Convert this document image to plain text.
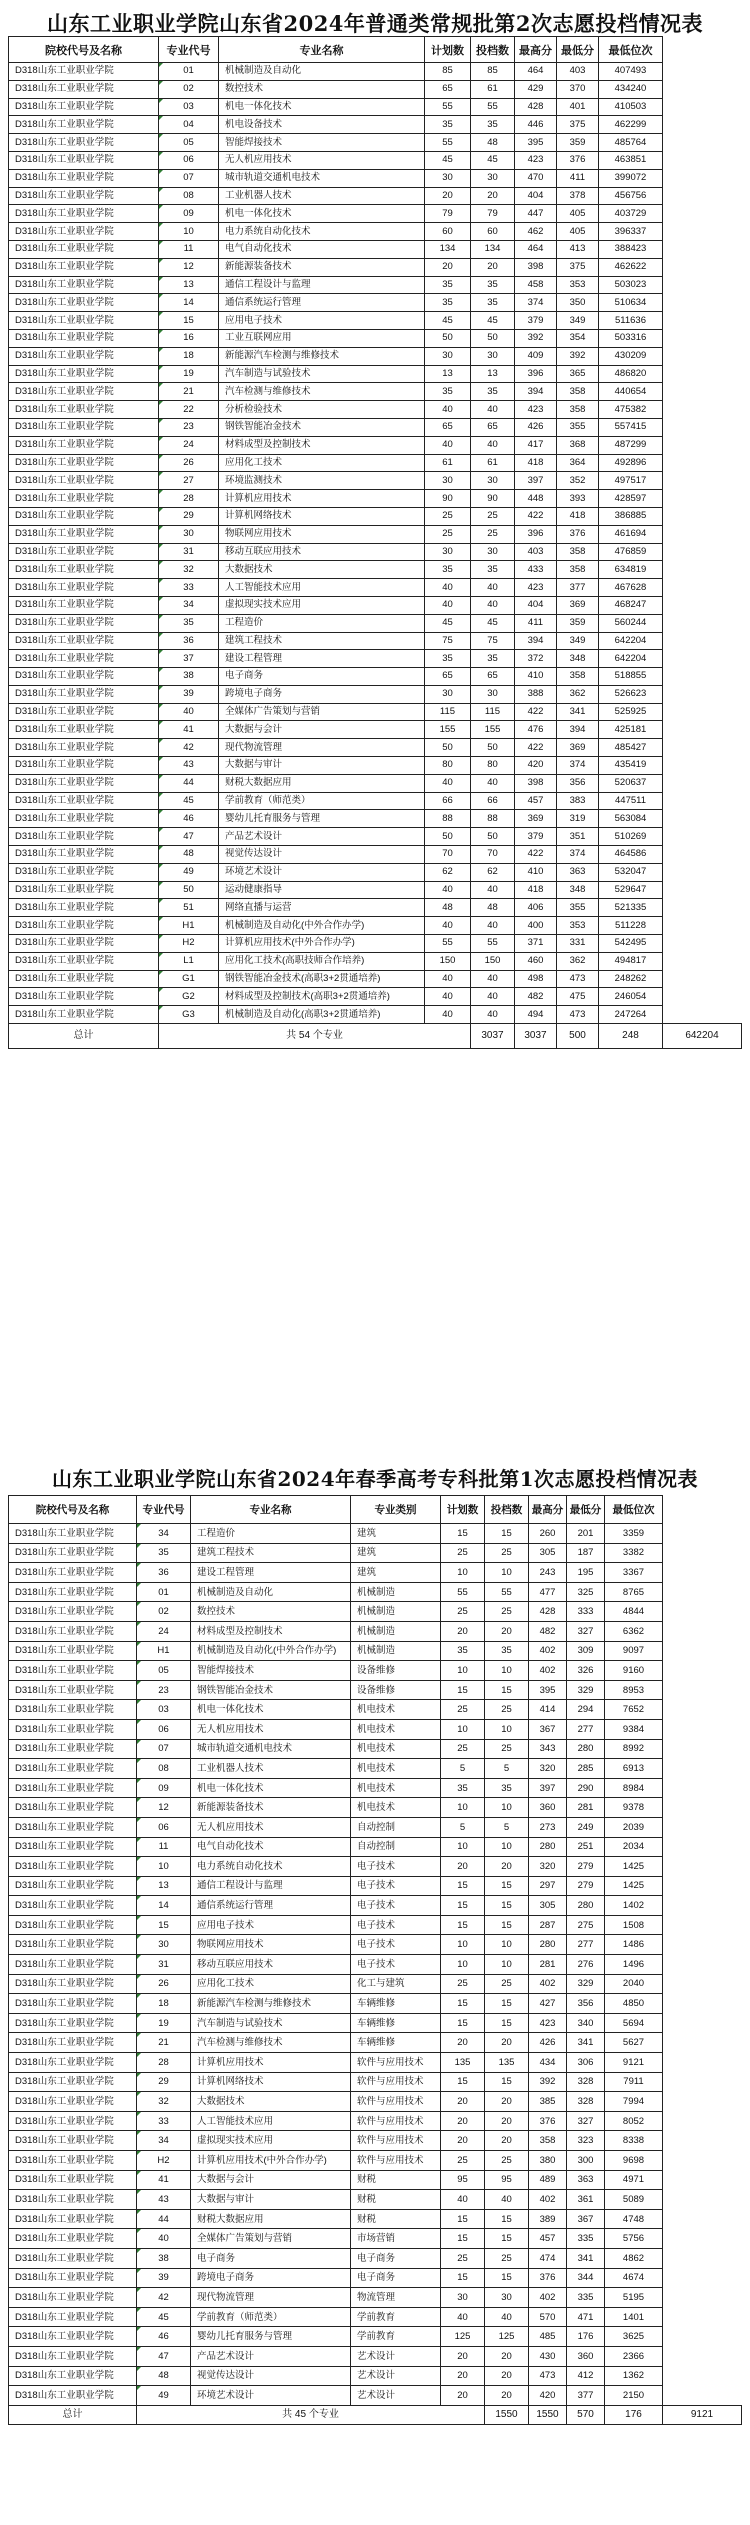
山东工业职业学院山东省2024年普通类常规批第2次志愿投档情况表
院校代号及名称	专业代号	专业名称	计划数	投档数	最高分	最低分	最低位次	
D318山东工业职业学院	01	机械制造及自动化	85	85	464	403	407493	
D318山东工业职业学院	02	数控技术	65	61	429	370	434240	
D318山东工业职业学院	03	机电一体化技术	55	55	428	401	410503	
D318山东工业职业学院	04	机电设备技术	35	35	446	375	462299	
D318山东工业职业学院	05	智能焊接技术	55	48	395	359	485764	
D318山东工业职业学院	06	无人机应用技术	45	45	423	376	463851	
D318山东工业职业学院	07	城市轨道交通机电技术	30	30	470	411	399072	
D318山东工业职业学院	08	工业机器人技术	20	20	404	378	456756	
D318山东工业职业学院	09	机电一体化技术	79	79	447	405	403729	
D318山东工业职业学院	10	电力系统自动化技术	60	60	462	405	396337	
D318山东工业职业学院	11	电气自动化技术	134	134	464	413	388423	
D318山东工业职业学院	12	新能源装备技术	20	20	398	375	462622	
D318山东工业职业学院	13	通信工程设计与监理	35	35	458	353	503023	
D318山东工业职业学院	14	通信系统运行管理	35	35	374	350	510634	
D318山东工业职业学院	15	应用电子技术	45	45	379	349	511636	
D318山东工业职业学院	16	工业互联网应用	50	50	392	354	503316	
D318山东工业职业学院	18	新能源汽车检测与维修技术	30	30	409	392	430209	
D318山东工业职业学院	19	汽车制造与试验技术	13	13	396	365	486820	
D318山东工业职业学院	21	汽车检测与维修技术	35	35	394	358	440654	
D318山东工业职业学院	22	分析检验技术	40	40	423	358	475382	
D318山东工业职业学院	23	钢铁智能冶金技术	65	65	426	355	557415	
D318山东工业职业学院	24	材料成型及控制技术	40	40	417	368	487299	
D318山东工业职业学院	26	应用化工技术	61	61	418	364	492896	
D318山东工业职业学院	27	环境监测技术	30	30	397	352	497517	
D318山东工业职业学院	28	计算机应用技术	90	90	448	393	428597	
D318山东工业职业学院	29	计算机网络技术	25	25	422	418	386885	
D318山东工业职业学院	30	物联网应用技术	25	25	396	376	461694	
D318山东工业职业学院	31	移动互联应用技术	30	30	403	358	476859	
D318山东工业职业学院	32	大数据技术	35	35	433	358	634819	
D318山东工业职业学院	33	人工智能技术应用	40	40	423	377	467628	
D318山东工业职业学院	34	虚拟现实技术应用	40	40	404	369	468247	
D318山东工业职业学院	35	工程造价	45	45	411	359	560244	
D318山东工业职业学院	36	建筑工程技术	75	75	394	349	642204	
D318山东工业职业学院	37	建设工程管理	35	35	372	348	642204	
D318山东工业职业学院	38	电子商务	65	65	410	358	518855	
D318山东工业职业学院	39	跨境电子商务	30	30	388	362	526623	
D318山东工业职业学院	40	全媒体广告策划与营销	115	115	422	341	525925	
D318山东工业职业学院	41	大数据与会计	155	155	476	394	425181	
D318山东工业职业学院	42	现代物流管理	50	50	422	369	485427	
D318山东工业职业学院	43	大数据与审计	80	80	420	374	435419	
D318山东工业职业学院	44	财税大数据应用	40	40	398	356	520637	
D318山东工业职业学院	45	学前教育（师范类）	66	66	457	383	447511	
D318山东工业职业学院	46	婴幼儿托育服务与管理	88	88	369	319	563084	
D318山东工业职业学院	47	产品艺术设计	50	50	379	351	510269	
D318山东工业职业学院	48	视觉传达设计	70	70	422	374	464586	
D318山东工业职业学院	49	环境艺术设计	62	62	410	363	532047	
D318山东工业职业学院	50	运动健康指导	40	40	418	348	529647	
D318山东工业职业学院	51	网络直播与运营	48	48	406	355	521335	
D318山东工业职业学院	H1	机械制造及自动化(中外合作办学)	40	40	400	353	511228	
D318山东工业职业学院	H2	计算机应用技术(中外合作办学)	55	55	371	331	542495	
D318山东工业职业学院	L1	应用化工技术(高职技师合作培养)	150	150	460	362	494817	
D318山东工业职业学院	G1	钢铁智能冶金技术(高职3+2贯通培养)	40	40	498	473	248262	
D318山东工业职业学院	G2	材料成型及控制技术(高职3+2贯通培养)	40	40	482	475	246054	
D318山东工业职业学院	G3	机械制造及自动化(高职3+2贯通培养)	40	40	494	473	247264	
总计	共 54 个专业			3037	3037	500	248	642204
山东工业职业学院山东省2024年春季高考专科批第1次志愿投档情况表
院校代号及名称	专业代号	专业名称	专业类别	计划数	投档数	最高分	最低分	最低位次	
D318山东工业职业学院	34	工程造价	建筑	15	15	260	201	3359	
D318山东工业职业学院	35	建筑工程技术	建筑	25	25	305	187	3382	
D318山东工业职业学院	36	建设工程管理	建筑	10	10	243	195	3367	
D318山东工业职业学院	01	机械制造及自动化	机械制造	55	55	477	325	8765	
D318山东工业职业学院	02	数控技术	机械制造	25	25	428	333	4844	
D318山东工业职业学院	24	材料成型及控制技术	机械制造	20	20	482	327	6362	
D318山东工业职业学院	H1	机械制造及自动化(中外合作办学)	机械制造	35	35	402	309	9097	
D318山东工业职业学院	05	智能焊接技术	设备维修	10	10	402	326	9160	
D318山东工业职业学院	23	钢铁智能冶金技术	设备维修	15	15	395	329	8953	
D318山东工业职业学院	03	机电一体化技术	机电技术	25	25	414	294	7652	
D318山东工业职业学院	06	无人机应用技术	机电技术	10	10	367	277	9384	
D318山东工业职业学院	07	城市轨道交通机电技术	机电技术	25	25	343	280	8992	
D318山东工业职业学院	08	工业机器人技术	机电技术	5	5	320	285	6913	
D318山东工业职业学院	09	机电一体化技术	机电技术	35	35	397	290	8984	
D318山东工业职业学院	12	新能源装备技术	机电技术	10	10	360	281	9378	
D318山东工业职业学院	06	无人机应用技术	自动控制	5	5	273	249	2039	
D318山东工业职业学院	11	电气自动化技术	自动控制	10	10	280	251	2034	
D318山东工业职业学院	10	电力系统自动化技术	电子技术	20	20	320	279	1425	
D318山东工业职业学院	13	通信工程设计与监理	电子技术	15	15	297	279	1425	
D318山东工业职业学院	14	通信系统运行管理	电子技术	15	15	305	280	1402	
D318山东工业职业学院	15	应用电子技术	电子技术	15	15	287	275	1508	
D318山东工业职业学院	30	物联网应用技术	电子技术	10	10	280	277	1486	
D318山东工业职业学院	31	移动互联应用技术	电子技术	10	10	281	276	1496	
D318山东工业职业学院	26	应用化工技术	化工与建筑	25	25	402	329	2040	
D318山东工业职业学院	18	新能源汽车检测与维修技术	车辆维修	15	15	427	356	4850	
D318山东工业职业学院	19	汽车制造与试验技术	车辆维修	15	15	423	340	5694	
D318山东工业职业学院	21	汽车检测与维修技术	车辆维修	20	20	426	341	5627	
D318山东工业职业学院	28	计算机应用技术	软件与应用技术	135	135	434	306	9121	
D318山东工业职业学院	29	计算机网络技术	软件与应用技术	15	15	392	328	7911	
D318山东工业职业学院	32	大数据技术	软件与应用技术	20	20	385	328	7994	
D318山东工业职业学院	33	人工智能技术应用	软件与应用技术	20	20	376	327	8052	
D318山东工业职业学院	34	虚拟现实技术应用	软件与应用技术	20	20	358	323	8338	
D318山东工业职业学院	H2	计算机应用技术(中外合作办学)	软件与应用技术	25	25	380	300	9698	
D318山东工业职业学院	41	大数据与会计	财税	95	95	489	363	4971	
D318山东工业职业学院	43	大数据与审计	财税	40	40	402	361	5089	
D318山东工业职业学院	44	财税大数据应用	财税	15	15	389	367	4748	
D318山东工业职业学院	40	全媒体广告策划与营销	市场营销	15	15	457	335	5756	
D318山东工业职业学院	38	电子商务	电子商务	25	25	474	341	4862	
D318山东工业职业学院	39	跨境电子商务	电子商务	15	15	376	344	4674	
D318山东工业职业学院	42	现代物流管理	物流管理	30	30	402	335	5195	
D318山东工业职业学院	45	学前教育（师范类）	学前教育	40	40	570	471	1401	
D318山东工业职业学院	46	婴幼儿托育服务与管理	学前教育	125	125	485	176	3625	
D318山东工业职业学院	47	产品艺术设计	艺术设计	20	20	430	360	2366	
D318山东工业职业学院	48	视觉传达设计	艺术设计	20	20	473	412	1362	
D318山东工业职业学院	49	环境艺术设计	艺术设计	20	20	420	377	2150	
总计	共 45 个专业				1550	1550	570	176	9121
